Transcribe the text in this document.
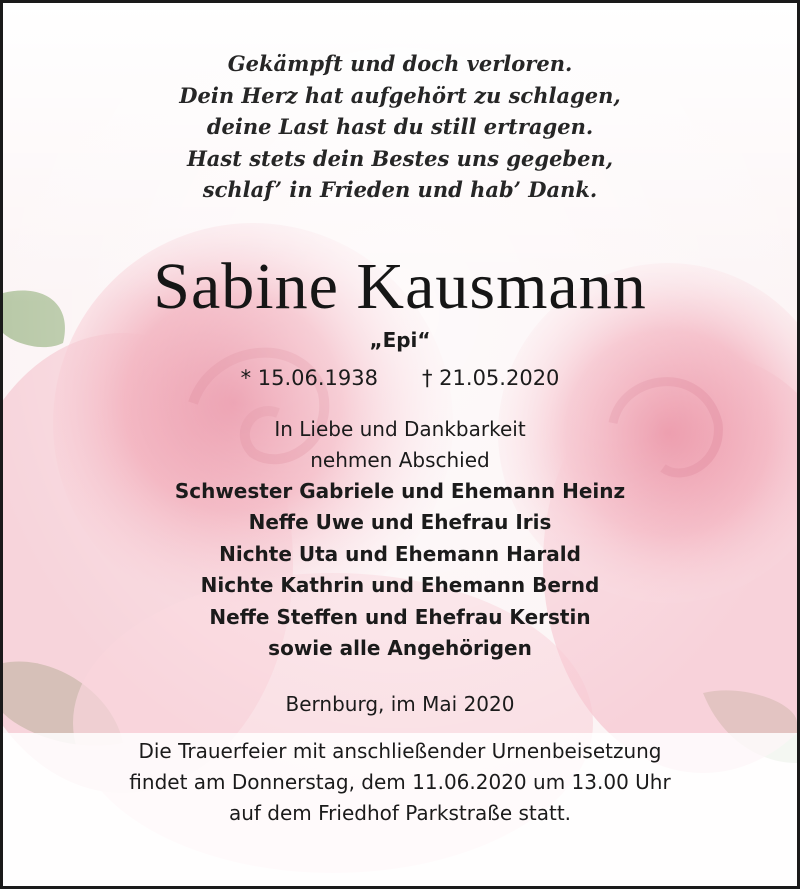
Gekämpft und doch verloren.
Dein Herz hat aufgehört zu schlagen,
deine Last hast du still ertragen.
Hast stets dein Bestes uns gegeben,
schlaf’ in Frieden und hab’ Dank.
Sabine Kausmann
„Epi“
* 15.06.1938 † 21.05.2020
In Liebe und Dankbarkeit
nehmen Abschied
Schwester Gabriele und Ehemann Heinz
Neffe Uwe und Ehefrau Iris
Nichte Uta und Ehemann Harald
Nichte Kathrin und Ehemann Bernd
Neffe Steffen und Ehefrau Kerstin
sowie alle Angehörigen
Bernburg, im Mai 2020
Die Trauerfeier mit anschließender Urnenbeisetzung
findet am Donnerstag, dem 11.06.2020 um 13.00 Uhr
auf dem Friedhof Parkstraße statt.
